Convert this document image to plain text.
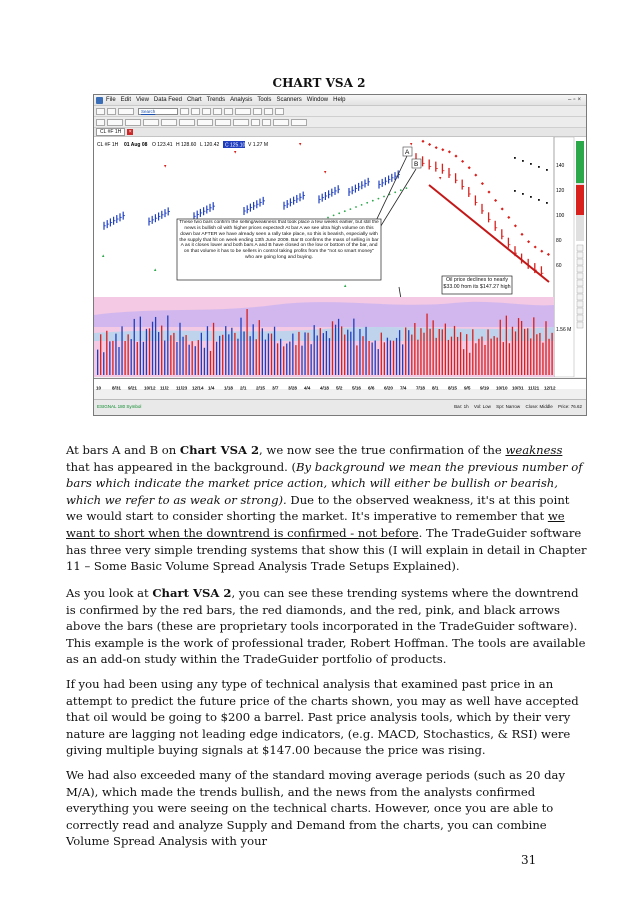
CHART VSA 2
File Edit View Data Feed Chart Trends Analysis Tools Scanners Window Help	–▫×
Search
CL #F 1H	×
CL #F 1H 01 Aug 08 O 123.41 H 128.60 L 120.42 C 125.10 V 1.27 M
140
120
100
80
60
1.56 M
A
B
These two bars confirm the selling/weakness that took place a few weeks earlier, but still the news is bullish oil with higher prices expected! At bar A we see ultra high volume on this down bar AFTER we have already seen a rally take place, so this is bearish, especially with the supply that hit on week ending 13th June 2009. Bar B confirms the mass of selling in bar A as it closes lower and both bars A and B have closed on the low or bottom of the bar, and on that volume it has to be sellers in control taking profits from the "not so smart money" who are going long and buying.
Oil price declines to nearly $33.00 from its $147.27 high
10 8/31 9/21 10/12 11/2 11/23 12/14 1/4 1/18 2/1 2/15 3/7 3/28 4/4 4/18 5/2 5/16 6/6 6/20 7/4 7/18 8/1 8/15 9/5 9/19 10/10 10/31 11/21 12/12
ESIGNAL 180 Symbol	Bar: 1h Vol: Low Spr: Narrow Close: Middle Price: 76.62

At bars A and B on Chart VSA 2, we now see the true confirmation of the weakness that has appeared in the background. (By background we mean the previous number of bars which indicate the market price action, which will either be bullish or bearish, which we refer to as weak or strong). Due to the observed weakness, it's at this point we would start to consider shorting the market. It's imperative to remember that we want to short when the downtrend is confirmed - not before. The TradeGuider software has three very simple trending systems that show this (I will explain in detail in Chapter 11 – Some Basic Volume Spread Analysis Trade Setups Explained).

As you look at Chart VSA 2, you can see these trending systems where the downtrend is confirmed by the red bars, the red diamonds, and the red, pink, and black arrows above the bars (these are proprietary tools incorporated in the TradeGuider software). This example is the work of professional trader, Robert Hoffman. The tools are available as an add-on study within the TradeGuider portfolio of products.

If you had been using any type of technical analysis that examined past price in an attempt to predict the future price of the charts shown, you may as well have accepted that oil would be going to $200 a barrel. Past price analysis tools, which by their very nature are lagging not leading edge indicators, (e.g. MACD, Stochastics, & RSI) were giving multiple buying signals at $147.00 because the price was rising.

We had also exceeded many of the standard moving average periods (such as 20 day M/A), which made the trends bullish, and the news from the analysts confirmed everything you were seeing on the technical charts. However, once you are able to correctly read and analyze Supply and Demand from the charts, you can combine Volume Spread Analysis with your

31
